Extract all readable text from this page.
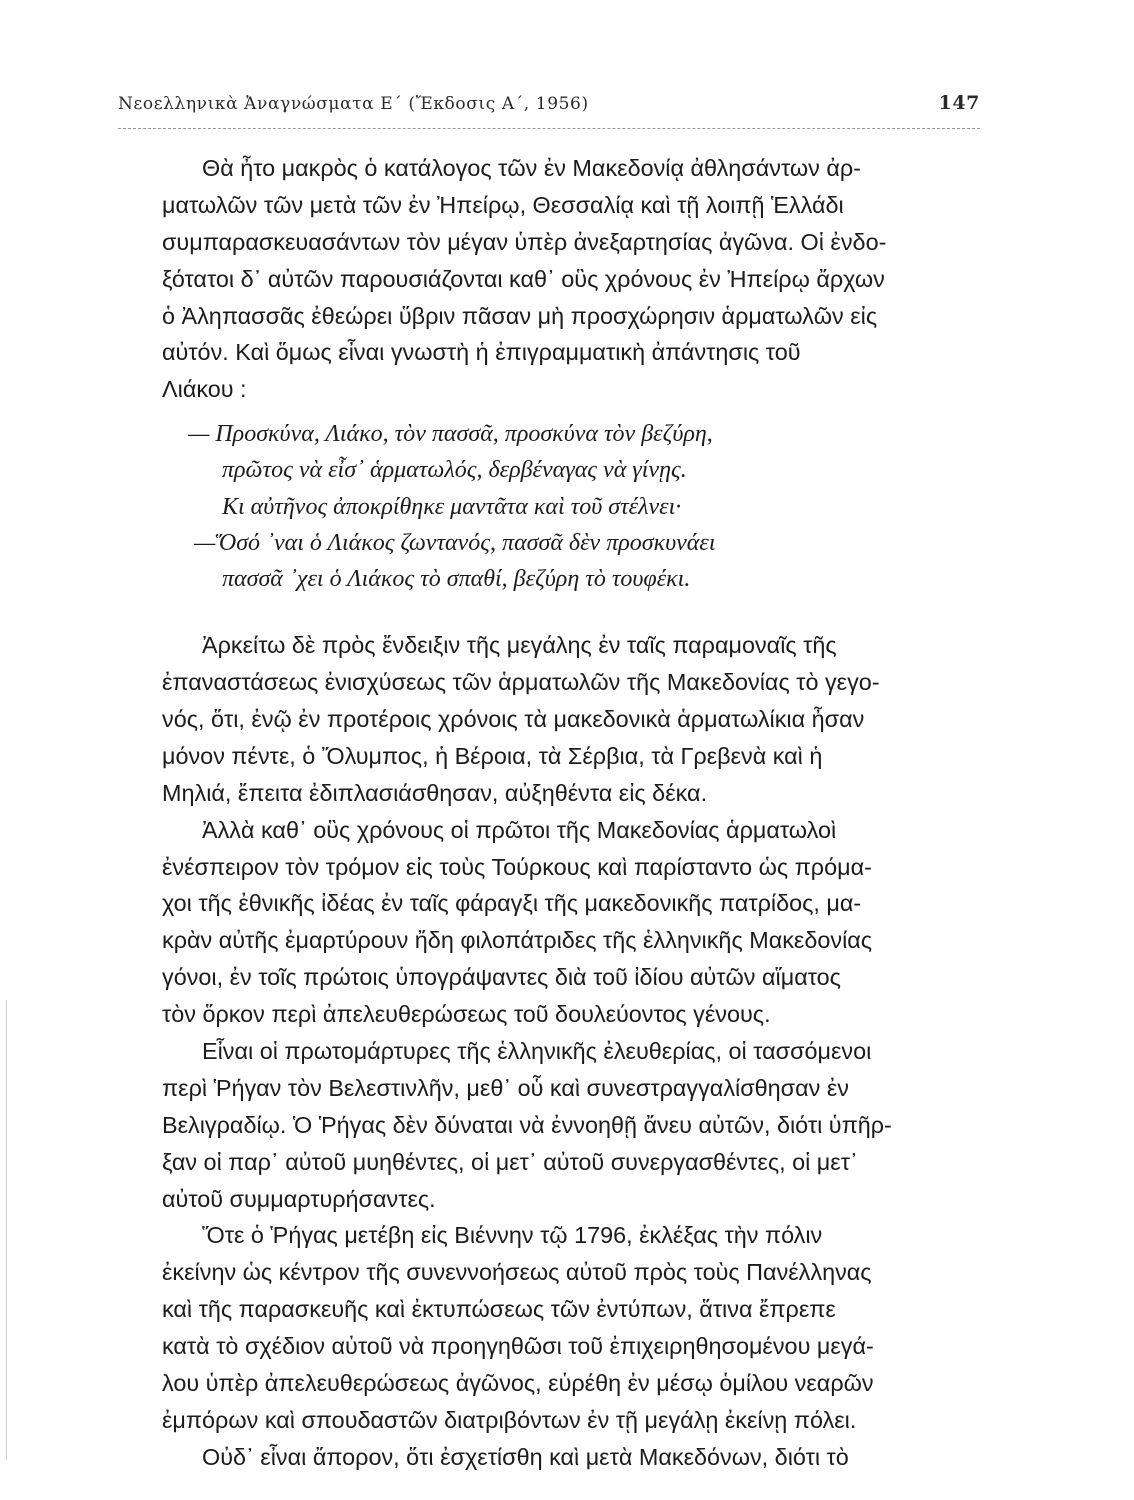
Νεοελληνικὰ Ἀναγνώσματα Ε΄ (Ἔκδοσις Α΄, 1956)	147
Θὰ ἦτο μακρὸς ὁ κατάλογος τῶν ἐν Μακεδονίᾳ ἀθλησάντων ἀρ-
ματωλῶν τῶν μετὰ τῶν ἐν Ἠπείρῳ, Θεσσαλίᾳ καὶ τῇ λοιπῇ Ἑλλάδι
συμπαρασκευασάντων τὸν μέγαν ὑπὲρ ἀνεξαρτησίας ἀγῶνα. Οἱ ἐνδο-
ξότατοι δ᾽ αὐτῶν παρουσιάζονται καθ᾽ οὓς χρόνους ἐν Ἠπείρῳ ἄρχων
ὁ Ἀληπασσᾶς ἐθεώρει ὕβριν πᾶσαν μὴ προσχώρησιν ἁρματωλῶν εἰς
αὐτόν. Καὶ ὅμως εἶναι γνωστὴ ἡ ἐπιγραμματικὴ ἀπάντησις τοῦ
Λιάκου :
— Προσκύνα, Λιάκο, τὸν πασσᾶ, προσκύνα τὸν βεζύρη,
πρῶτος νὰ εἶσ᾽ ἁρματωλός, δερβέναγας νὰ γίνῃς.
Κι αὐτῆνος ἀποκρίθηκε μαντᾶτα καὶ τοῦ στέλνει·
—Ὅσό ᾽ναι ὁ Λιάκος ζωντανός, πασσᾶ δὲν προσκυνάει
πασσᾶ ᾽χει ὁ Λιάκος τὸ σπαθί, βεζύρη τὸ τουφέκι.
Ἀρκείτω δὲ πρὸς ἔνδειξιν τῆς μεγάλης ἐν ταῖς παραμοναῖς τῆς
ἐπαναστάσεως ἐνισχύσεως τῶν ἁρματωλῶν τῆς Μακεδονίας τὸ γεγο-
νός, ὅτι, ἐνῷ ἐν προτέροις χρόνοις τὰ μακεδονικὰ ἁρματωλίκια ἦσαν
μόνον πέντε, ὁ Ὄλυμπος, ἡ Βέροια, τὰ Σέρβια, τὰ Γρεβενὰ καὶ ἡ
Μηλιά, ἔπειτα ἐδιπλασιάσθησαν, αὐξηθέντα εἰς δέκα.
Ἀλλὰ καθ᾽ οὓς χρόνους οἱ πρῶτοι τῆς Μακεδονίας ἁρματωλοὶ
ἐνέσπειρον τὸν τρόμον εἰς τοὺς Τούρκους καὶ παρίσταντο ὡς πρόμα-
χοι τῆς ἐθνικῆς ἰδέας ἐν ταῖς φάραγξι τῆς μακεδονικῆς πατρίδος, μα-
κρὰν αὐτῆς ἐμαρτύρουν ἤδη φιλοπάτριδες τῆς ἑλληνικῆς Μακεδονίας
γόνοι, ἐν τοῖς πρώτοις ὑπογράψαντες διὰ τοῦ ἰδίου αὐτῶν αἵματος
τὸν ὅρκον περὶ ἀπελευθερώσεως τοῦ δουλεύοντος γένους.
Εἶναι οἱ πρωτομάρτυρες τῆς ἑλληνικῆς ἐλευθερίας, οἱ τασσόμενοι
περὶ Ῥήγαν τὸν Βελεστινλῆν, μεθ᾽ οὗ καὶ συνεστραγγαλίσθησαν ἐν
Βελιγραδίῳ. Ὁ Ῥήγας δὲν δύναται νὰ ἐννοηθῇ ἄνευ αὐτῶν, διότι ὑπῆρ-
ξαν οἱ παρ᾽ αὐτοῦ μυηθέντες, οἱ μετ᾽ αὐτοῦ συνεργασθέντες, οἱ μετ᾽
αὐτοῦ συμμαρτυρήσαντες.
Ὅτε ὁ Ῥήγας μετέβη εἰς Βιέννην τῷ 1796, ἐκλέξας τὴν πόλιν
ἐκείνην ὡς κέντρον τῆς συνεννοήσεως αὐτοῦ πρὸς τοὺς Πανέλληνας
καὶ τῆς παρασκευῆς καὶ ἐκτυπώσεως τῶν ἐντύπων, ἅτινα ἔπρεπε
κατὰ τὸ σχέδιον αὐτοῦ νὰ προηγηθῶσι τοῦ ἐπιχειρηθησομένου μεγά-
λου ὑπὲρ ἀπελευθερώσεως ἀγῶνος, εὑρέθη ἐν μέσῳ ὁμίλου νεαρῶν
ἐμπόρων καὶ σπουδαστῶν διατριβόντων ἐν τῇ μεγάλῃ ἐκείνῃ πόλει.
Οὐδ᾽ εἶναι ἄπορον, ὅτι ἐσχετίσθη καὶ μετὰ Μακεδόνων, διότι τὸ
